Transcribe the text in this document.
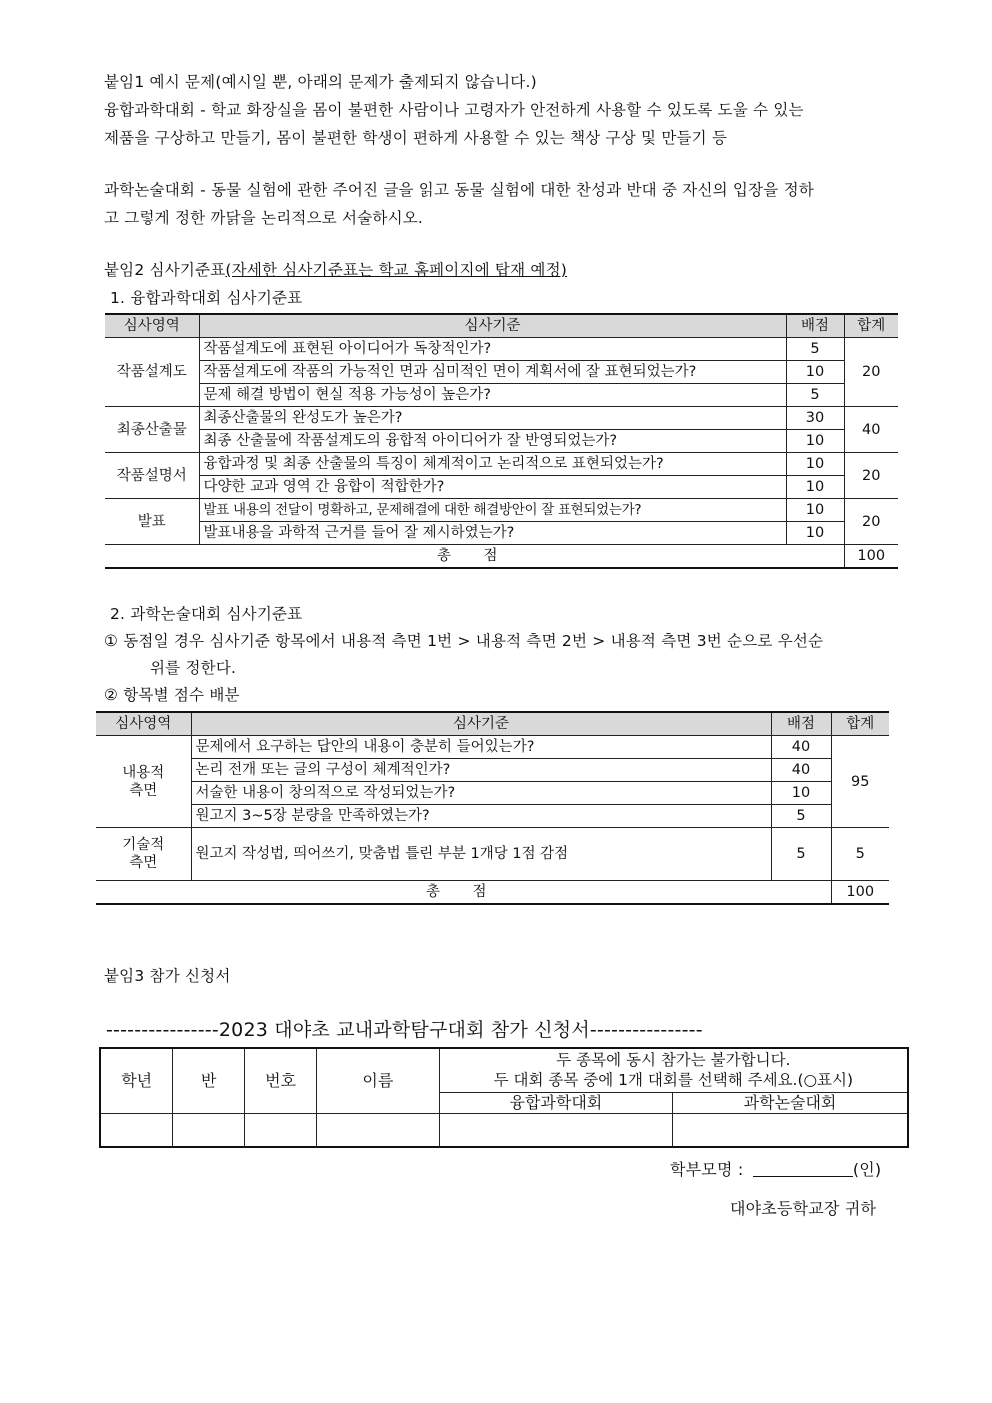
붙임1 예시 문제(예시일 뿐, 아래의 문제가 출제되지 않습니다.)
융합과학대회 - 학교 화장실을 몸이 불편한 사람이나 고령자가 안전하게 사용할 수 있도록 도울 수 있는
제품을 구상하고 만들기, 몸이 불편한 학생이 편하게 사용할 수 있는 책상 구상 및 만들기 등
과학논술대회 - 동물 실험에 관한 주어진 글을 읽고 동물 실험에 대한 찬성과 반대 중 자신의 입장을 정하
고 그렇게 정한 까닭을 논리적으로 서술하시오.
붙임2 심사기준표(자세한 심사기준표는 학교 홈페이지에 탑재 예정)
1. 융합과학대회 심사기준표
심사영역	심사기준	배점	합계
작품설계도	작품설계도에 표현된 아이디어가 독창적인가?	5	20
	작품설계도에 작품의 가능적인 면과 심미적인 면이 계획서에 잘 표현되었는가?	10	
	문제 해결 방법이 현실 적용 가능성이 높은가?	5	
최종산출물	최종산출물의 완성도가 높은가?	30	40
	최종 산출물에 작품설계도의 융합적 아이디어가 잘 반영되었는가?	10	
작품설명서	융합과정 및 최종 산출물의 특징이 체계적이고 논리적으로 표현되었는가?	10	20
	다양한 교과 영역 간 융합이 적합한가?	10	
발표	발표 내용의 전달이 명확하고, 문제해결에 대한 해결방안이 잘 표현되었는가?	10	20
	발표내용을 과학적 근거를 들어 잘 제시하였는가?	10	
총 점			100
2. 과학논술대회 심사기준표
① 동점일 경우 심사기준 항목에서 내용적 측면 1번 > 내용적 측면 2번 > 내용적 측면 3번 순으로 우선순
위를 정한다.
② 항목별 점수 배분
심사영역	심사기준	배점	합계
내용적 측면	문제에서 요구하는 답안의 내용이 충분히 들어있는가?	40	95
	논리 전개 또는 글의 구성이 체계적인가?	40	
	서술한 내용이 창의적으로 작성되었는가?	10	
	원고지 3~5장 분량을 만족하였는가?	5	
기술적 측면	원고지 작성법, 띄어쓰기, 맞춤법 틀린 부분 1개당 1점 감점	5	5
총 점			100
붙임3 참가 신청서
----------------2023 대야초 교내과학탐구대회 참가 신청서----------------
학년	반	번호	이름	두 종목에 동시 참가는 불가합니다.
두 대회 종목 중에 1개 대회를 선택해 주세요.(○표시)	

				융합과학대회	과학논술대회

학부모명 :	(인)
대야초등학교장 귀하
